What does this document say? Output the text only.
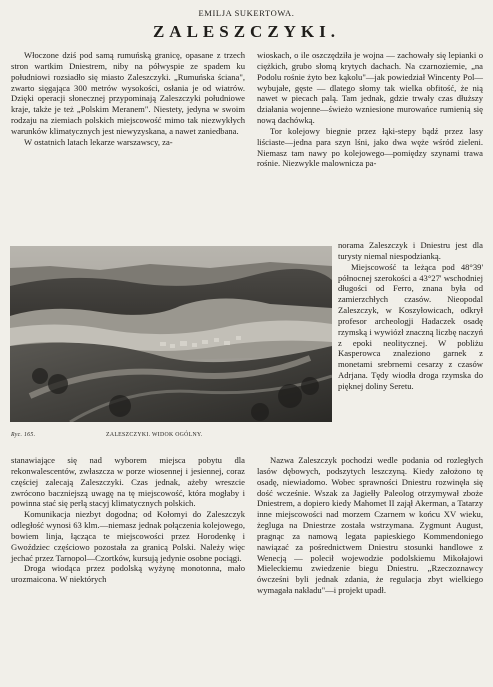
EMILJA SUKERTOWA.
ZALESZCZYKI.

Włoczone dziś pod samą rumuńską granicę, opasane z trzech stron wartkim Dniestrem, niby na półwyspie ze spadem ku południowi rozsiadło się miasto Zaleszczyki. „Rumuńska ściana", zwarto sięgająca 300 metrów wysokości, osłania je od wiatrów. Dzięki operacji słonecznej przypominają Zaleszczyki południowe kraje, także je też „Polskim Meranem". Niestety, jedyna w swoim rodzaju na ziemiach polskich miejscowość mimo tak niezwykłych warunków klimatycznych jest niewyzyskana, a nawet zaniedbana.

W ostatnich latach lekarze warszawscy, za-

wioskach, o ile oszczędziła je wojna — zachowały się lepianki o ciężkich, grubo słomą krytych dachach. Na czarnoziemie, „na Podolu rośnie żyto bez kąkolu"—jak powiedział Wincenty Pol—wybujałe, gęste — dlatego słomy tak wielka obfitość, że nią nawet w piecach palą. Tam jednak, gdzie trwały czas dłuższy działania wojenne—świeżo wzniesione murowańce rumienią się nową dachówką.

Tor kolejowy biegnie przez łąki-stepy bądź przez lasy liściaste—jedna para szyn lśni, jako dwa węże wśród zieleni. Niemasz tam nawy po kolejowego—pomiędzy szynami trawa rośnie. Niezwykle malownicza pa-

Ryc. 165.	ZALESZCZYKI. WIDOK OGÓLNY.

norama Zaleszczyk i Dniestru jest dla turysty niemal niespodzianką.

Miejscowość ta leżąca pod 48°39' północnej szerokości a 43°27' wschodniej długości od Ferro, znana była od zamierzchłych czasów. Nieopodal Zaleszczyk, w Koszyłowicach, odkrył profesor archeologji Hadaczek osadę rzymską i wywiózł znaczną liczbę naczyń z epoki neolitycznej. W pobliżu Kasperowca znaleziono garnek z monetami srebrnemi cesarzy z czasów Adrjana. Tędy wiodła droga rzymska do pięknej doliny Seretu.

stanawiające się nad wyborem miejsca pobytu dla rekonwalescentów, zwłaszcza w porze wiosennej i jesiennej, coraz częściej zalecają Zaleszczyki. Czas jednak, ażeby wreszcie zwrócono baczniejszą uwagę na tę miejscowość, która mogłaby i powinna stać się perłą stacyj klimatycznych polskich.

Komunikacja niezbyt dogodna; od Kołomyi do Zaleszczyk odległość wynosi 63 klm.—niemasz jednak połączenia kolejowego, bowiem linja, łącząca te miejscowości przez Horodenkę i Gwoździec częściowo pozostała za granicą Polski. Należy więc jechać przez Tarnopol—Czortków, kursują jedynie osobne pociągi.

Droga wiodąca przez podolską wyżynę monotonna, mało urozmaicona. W niektórych

Nazwa Zaleszczyk pochodzi wedle podania od rozległych lasów dębowych, podszytych leszczyną. Kiedy założono tę osadę, niewiadomo. Wobec sprawności Dniestru rozwinęła się dość wcześnie. Wszak za Jagiełły Paleolog otrzymywał zboże Dniestrem, a dopiero kiedy Mahomet II zajął Akerman, a Tatarzy inne miejscowości nad morzem Czarnem w końcu XV wieku, żegluga na Dniestrze została wstrzymana. Zygmunt August, pragnąc za namową legata papieskiego Kommendoniego nawiązać za pośrednictwem Dniestru stosunki handlowe z Wenecją — polecił wojewodzie podolskiemu Mikołajowi Mieleckiemu zwiedzenie biegu Dniestru. „Rzeczoznawcy ówcześni byli jednak zdania, że regulacja zbyt wielkiego wymagała nakładu"—i projekt upadł.
